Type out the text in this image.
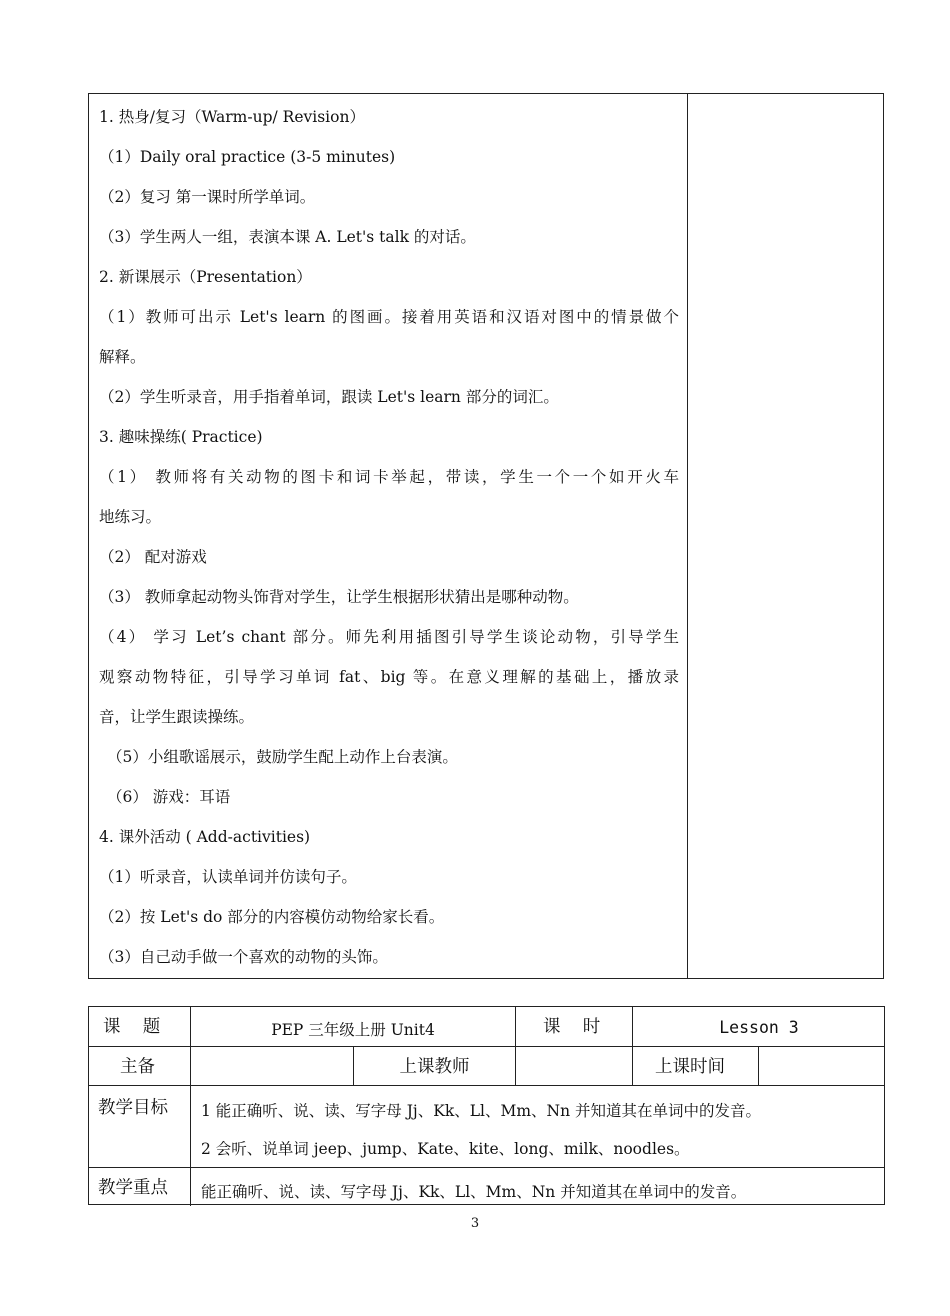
1. 热身/复习（Warm-up/ Revision）
（1）Daily oral practice (3-5 minutes)
（2）复习 第一课时所学单词。
（3）学生两人一组，表演本课 A. Let's talk 的对话。
2. 新课展示（Presentation）
（1）教师可出示 Let's learn 的图画。接着用英语和汉语对图中的情景做个
解释。
（2）学生听录音，用手指着单词，跟读 Let's learn 部分的词汇。
3. 趣味操练( Practice)
（1） 教师将有关动物的图卡和词卡举起，带读，学生一个一个如开火车
地练习。
（2） 配对游戏
（3） 教师拿起动物头饰背对学生，让学生根据形状猜出是哪种动物。
（4） 学习 Let’s chant 部分。师先利用插图引导学生谈论动物，引导学生
观察动物特征，引导学习单词 fat、big 等。在意义理解的基础上，播放录
音，让学生跟读操练。
（5）小组歌谣展示，鼓励学生配上动作上台表演。
（6） 游戏：耳语
4. 课外活动 ( Add-activities)
（1）听录音，认读单词并仿读句子。
（2）按 Let's do 部分的内容模仿动物给家长看。
（3）自己动手做一个喜欢的动物的头饰。
课    题	PEP 三年级上册 Unit4	课    时	Lesson 3
主备	上课教师	上课时间
教学目标 1 能正确听、说、读、写字母 Jj、Kk、Ll、Mm、Nn 并知道其在单词中的发音。
2 会听、说单词 jeep、jump、Kate、kite、long、milk、noodles。
教学重点 能正确听、说、读、写字母 Jj、Kk、Ll、Mm、Nn 并知道其在单词中的发音。
3
